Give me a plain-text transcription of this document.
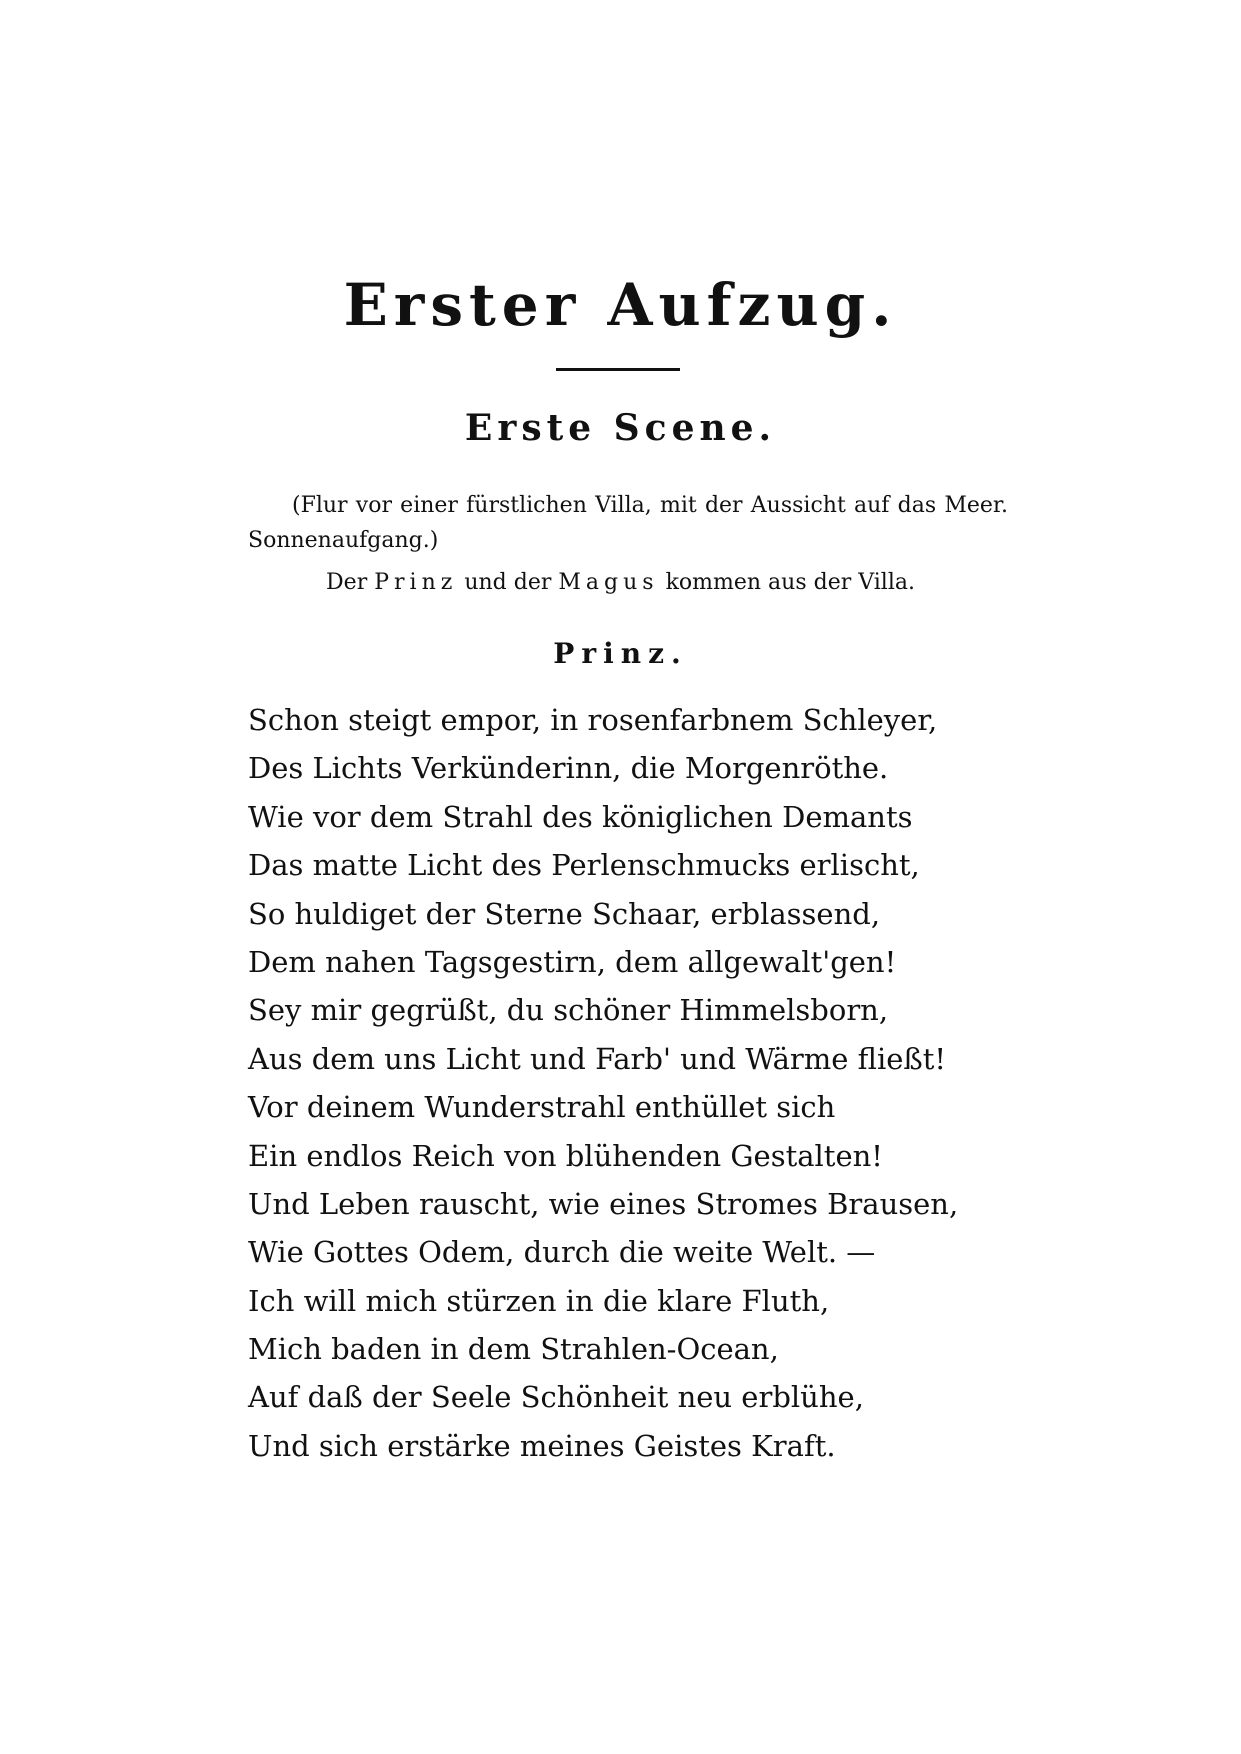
Erster Aufzug.
Erste Scene.
(Flur vor einer fürstlichen Villa, mit der Aussicht auf das Meer. Sonnenaufgang.)
Der Prinz und der Magus kommen aus der Villa.
Prinz.
Schon steigt empor, in rosenfarbnem Schleyer,
Des Lichts Verkünderinn, die Morgenröthe.
Wie vor dem Strahl des königlichen Demants
Das matte Licht des Perlenschmucks erlischt,
So huldiget der Sterne Schaar, erblassend,
Dem nahen Tagsgestirn, dem allgewalt'gen!
Sey mir gegrüßt, du schöner Himmelsborn,
Aus dem uns Licht und Farb' und Wärme fließt!
Vor deinem Wunderstrahl enthüllet sich
Ein endlos Reich von blühenden Gestalten!
Und Leben rauscht, wie eines Stromes Brausen,
Wie Gottes Odem, durch die weite Welt. —
Ich will mich stürzen in die klare Fluth,
Mich baden in dem Strahlen-Ocean,
Auf daß der Seele Schönheit neu erblühe,
Und sich erstärke meines Geistes Kraft.
